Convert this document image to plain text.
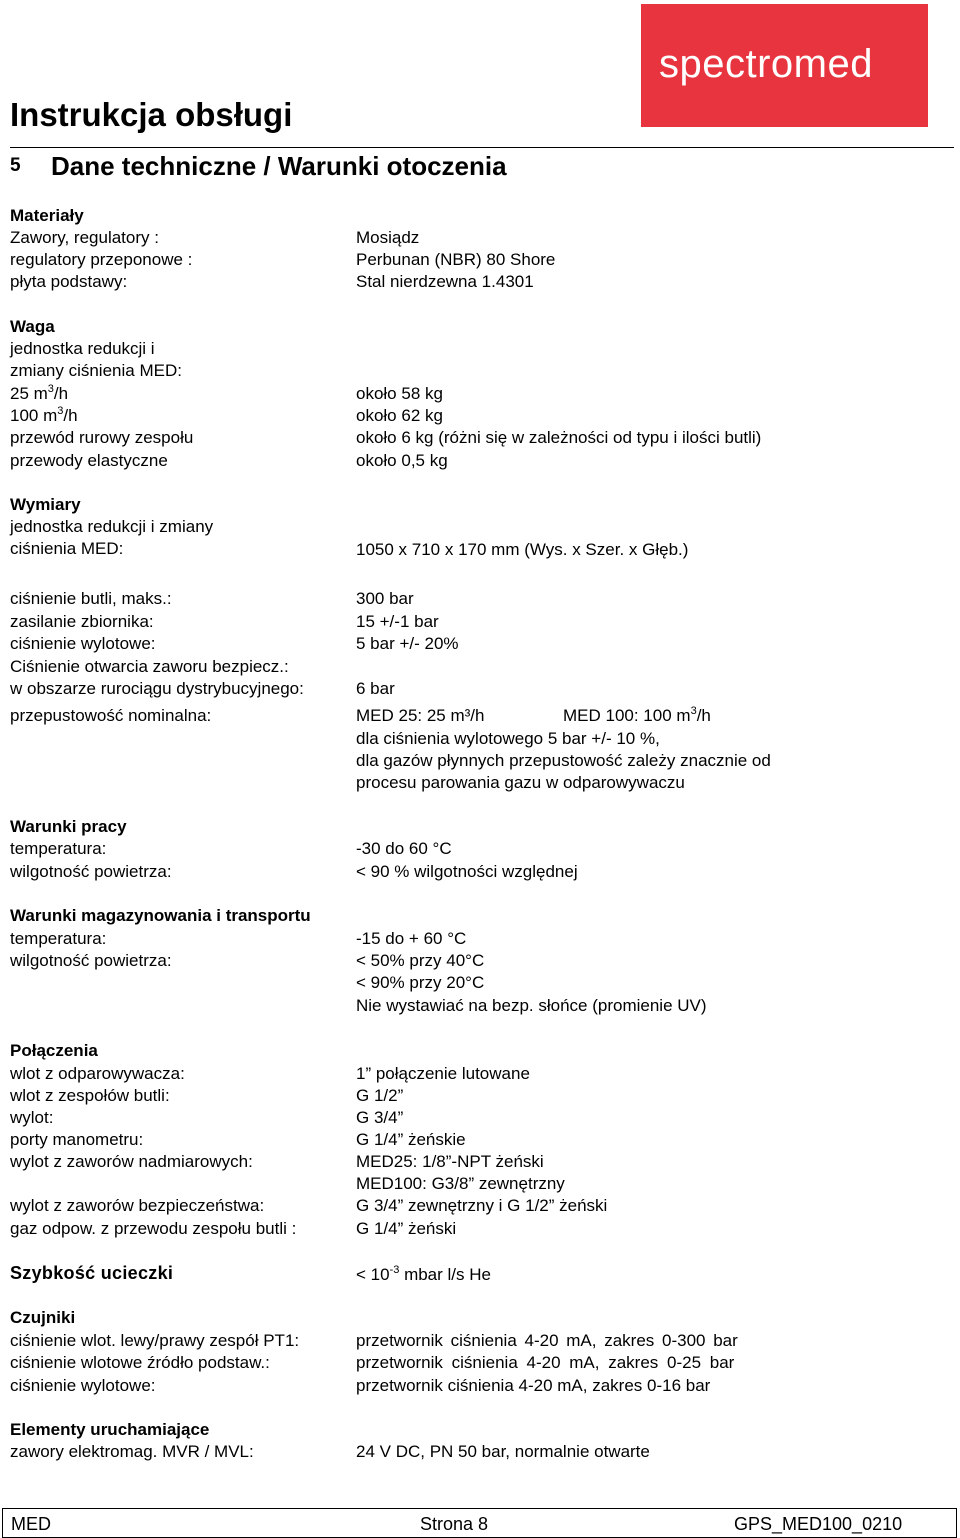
spectromed
Instrukcja obsługi
5 Dane techniczne / Warunki otoczenia
Materiały
Zawory, regulatory :	Mosiądz
regulatory przeponowe :	Perbunan (NBR) 80 Shore
płyta podstawy:	Stal nierdzewna 1.4301
Waga
jednostka redukcji i
zmiany ciśnienia MED:
25 $m^3/h$	około 58 kg
100 $m^3/h$	około 62 kg
przewód rurowy zespołu	około 6 kg (różni się w zależności od typu i ilości butli)
przewody elastyczne	około 0,5 kg
Wymiary
jednostka redukcji i zmiany
ciśnienia MED:	1050 x 710 x 170 mm (Wys. x Szer. x Głęb.)
ciśnienie butli, maks.:	300 bar
zasilanie zbiornika:	15 +/-1 bar
ciśnienie wylotowe:	5 bar +/- 20%
Ciśnienie otwarcia zaworu bezpiecz.:
w obszarze rurociągu dystrybucyjnego:	6 bar
przepustowość nominalna:	MED 25: 25 m³/h	MED 100: 100 $m^3/h$
dla ciśnienia wylotowego 5 bar +/- 10 %,
dla gazów płynnych przepustowość zależy znacznie od
procesu parowania gazu w odparowywaczu
Warunki pracy
temperatura:	-30 do 60 °C
wilgotność powietrza:	< 90 % wilgotności względnej
Warunki magazynowania i transportu
temperatura:	-15 do + 60 °C
wilgotność powietrza:	< 50% przy 40°C
< 90% przy 20°C
Nie wystawiać na bezp. słońce (promienie UV)
Połączenia
wlot z odparowywacza:	1” połączenie lutowane
wlot z zespołów butli:	G 1/2”
wylot:	G 3/4”
porty manometru:	G 1/4” żeńskie
wylot z zaworów nadmiarowych:	MED25: 1/8”-NPT żeński
MED100: G3/8” zewnętrzny
wylot z zaworów bezpieczeństwa:	G 3/4” zewnętrzny i G 1/2” żeński
gaz odpow. z przewodu zespołu butli :	G 1/4” żeński
Szybkość ucieczki	< $10^{-3}$ mbar l/s He
Czujniki
ciśnienie wlot. lewy/prawy zespół PT1:	przetwornik ciśnienia 4-20 mA, zakres 0-300 bar
ciśnienie wlotowe źródło podstaw.:	przetwornik ciśnienia 4-20 mA, zakres 0-25 bar
ciśnienie wylotowe:	przetwornik ciśnienia 4-20 mA, zakres 0-16 bar
Elementy uruchamiające
zawory elektromag. MVR / MVL:	24 V DC, PN 50 bar, normalnie otwarte
MED	Strona 8	GPS_MED100_0210
